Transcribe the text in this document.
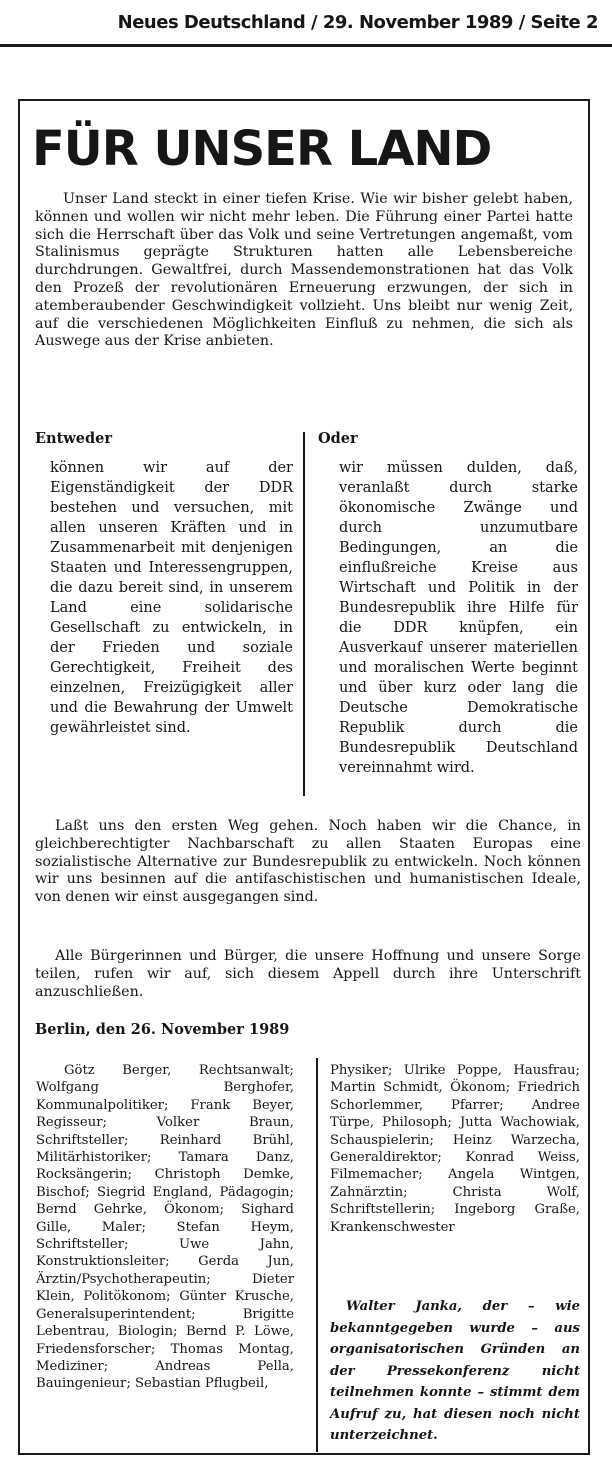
Neues Deutschland / 29. November 1989 / Seite 2
FÜR UNSER LAND

Unser Land steckt in einer tiefen Krise. Wie wir bisher gelebt haben, können und wollen wir nicht mehr leben. Die Führung einer Partei hatte sich die Herrschaft über das Volk und seine Vertretungen angemaßt, vom Stalinismus geprägte Strukturen hatten alle Lebensbereiche durchdrungen. Gewaltfrei, durch Massendemonstrationen hat das Volk den Prozeß der revolutionären Erneuerung erzwungen, der sich in atemberaubender Geschwindigkeit vollzieht. Uns bleibt nur wenig Zeit, auf die verschiedenen Möglichkeiten Einfluß zu nehmen, die sich als Auswege aus der Krise anbieten.

Entweder

können wir auf der Eigenständigkeit der DDR bestehen und versuchen, mit allen unseren Kräften und in Zusammenarbeit mit denjenigen Staaten und Interessengruppen, die dazu bereit sind, in unserem Land eine solidarische Gesellschaft zu entwickeln, in der Frieden und soziale Gerechtigkeit, Freiheit des einzelnen, Freizügigkeit aller und die Bewahrung der Umwelt gewährleistet sind.

Oder

wir müssen dulden, daß, veranlaßt durch starke ökonomische Zwänge und durch unzumutbare Bedingungen, an die einflußreiche Kreise aus Wirtschaft und Politik in der Bundesrepublik ihre Hilfe für die DDR knüpfen, ein Ausverkauf unserer materiellen und moralischen Werte beginnt und über kurz oder lang die Deutsche Demokratische Republik durch die Bundesrepublik Deutschland vereinnahmt wird.

Laßt uns den ersten Weg gehen. Noch haben wir die Chance, in gleichberechtigter Nachbarschaft zu allen Staaten Europas eine sozialistische Alternative zur Bundesrepublik zu entwickeln. Noch können wir uns besinnen auf die antifaschistischen und humanistischen Ideale, von denen wir einst ausgegangen sind.

Alle Bürgerinnen und Bürger, die unsere Hoffnung und unsere Sorge teilen, rufen wir auf, sich diesem Appell durch ihre Unterschrift anzuschließen.

Berlin, den 26. November 1989

Götz Berger, Rechtsanwalt; Wolfgang Berghofer, Kommunalpolitiker; Frank Beyer, Regisseur; Volker Braun, Schriftsteller; Reinhard Brühl, Militärhistoriker; Tamara Danz, Rocksängerin; Christoph Demke, Bischof; Siegrid England, Pädagogin; Bernd Gehrke, Ökonom; Sighard Gille, Maler; Stefan Heym, Schriftsteller; Uwe Jahn, Konstruktionsleiter; Gerda Jun, Ärztin/Psychotherapeutin; Dieter Klein, Politökonom; Günter Krusche, Generalsuperintendent; Brigitte Lebentrau, Biologin; Bernd P. Löwe, Friedensforscher; Thomas Montag, Mediziner; Andreas Pella, Bauingenieur; Sebastian Pflugbeil,

Physiker; Ulrike Poppe, Hausfrau; Martin Schmidt, Ökonom; Friedrich Schorlemmer, Pfarrer; Andree Türpe, Philosoph; Jutta Wachowiak, Schauspielerin; Heinz Warzecha, Generaldirektor; Konrad Weiss, Filmemacher; Angela Wintgen, Zahnärztin; Christa Wolf, Schriftstellerin; Ingeborg Graße, Krankenschwester

Walter Janka, der – wie bekanntgegeben wurde – aus organisatorischen Gründen an der Pressekonferenz nicht teilnehmen konnte – stimmt dem Aufruf zu, hat diesen noch nicht unterzeichnet.
